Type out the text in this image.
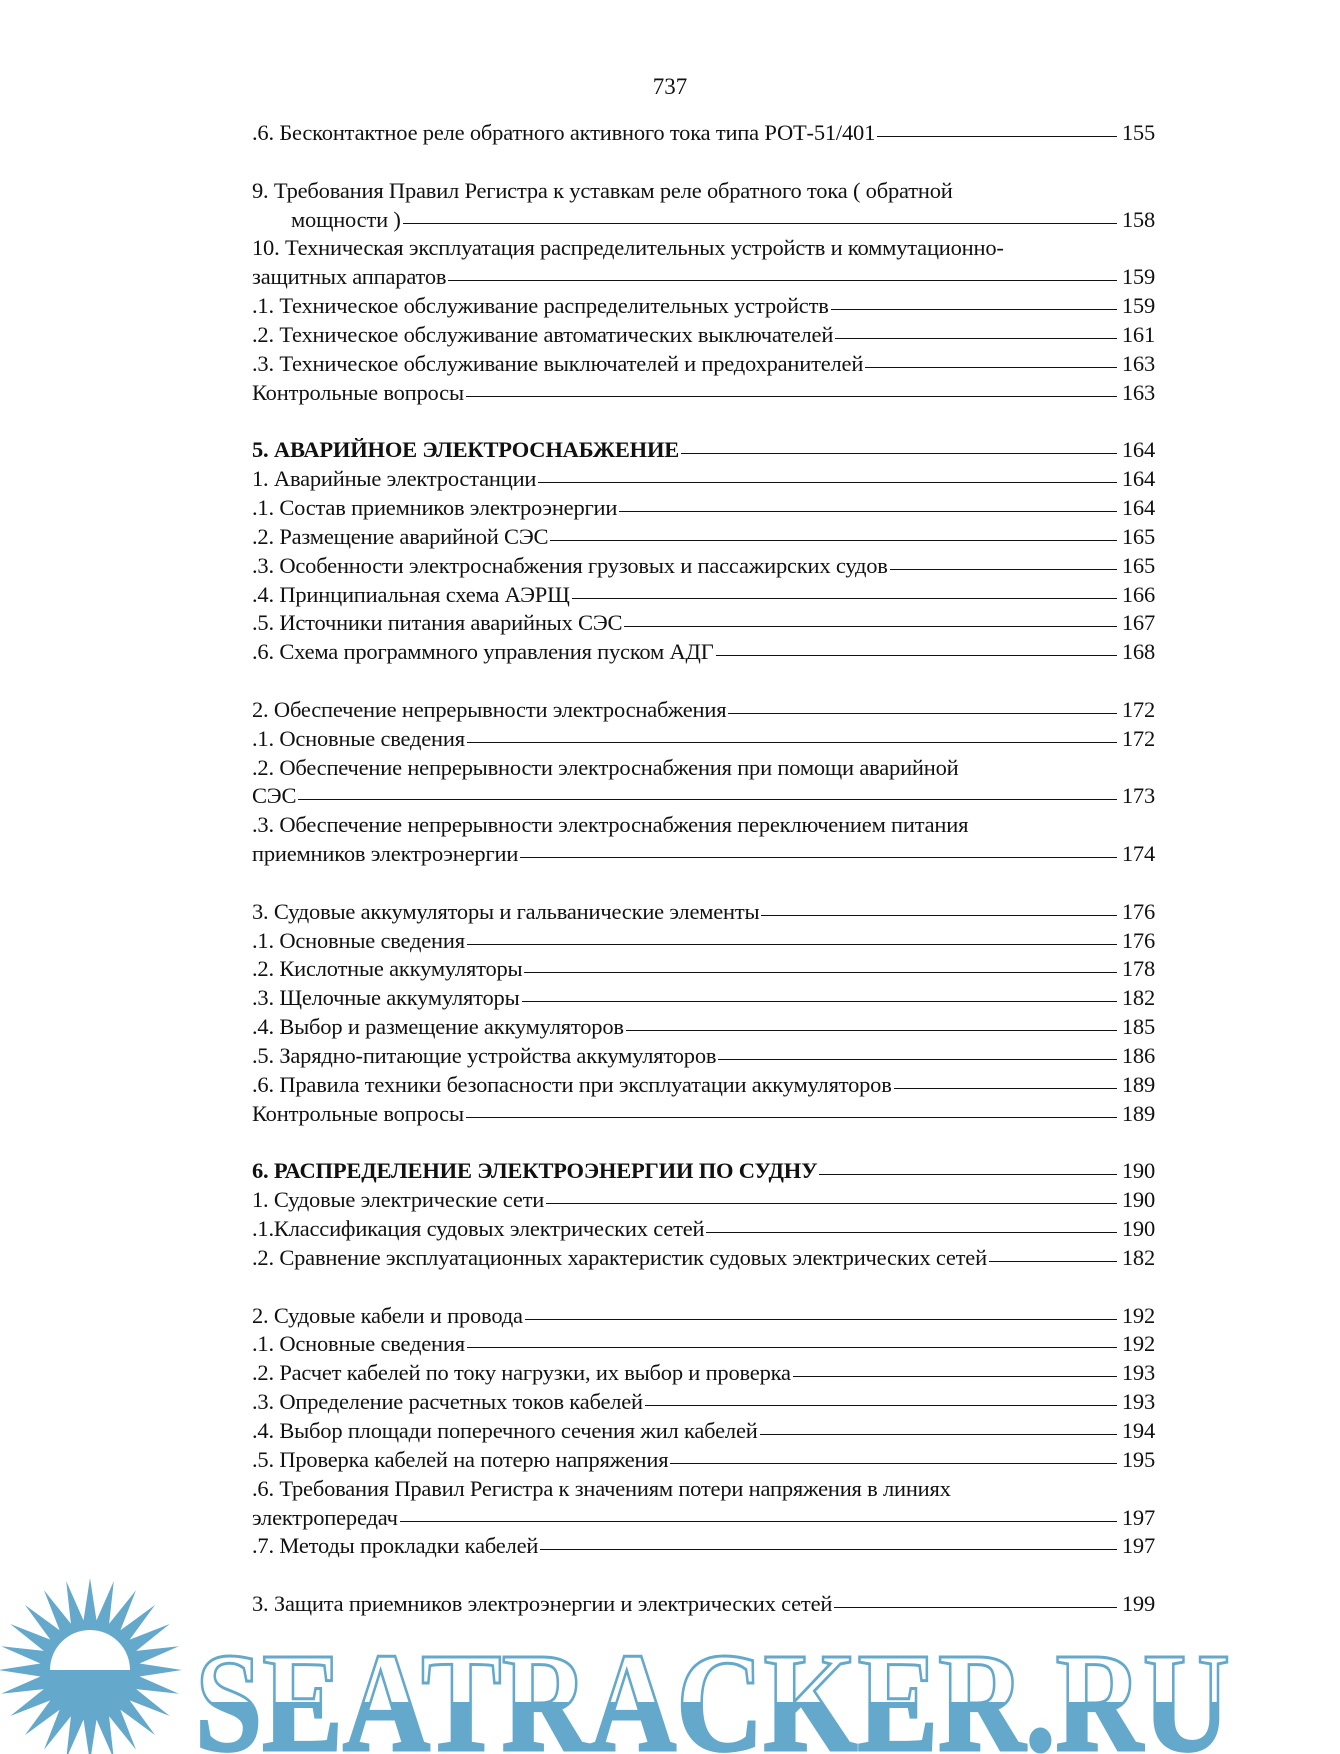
737
.6. Бесконтактное реле обратного активного тока типа РОТ-51/401	155
9. Требования Правил Регистра к уставкам реле обратного тока ( обратной
мощности )	158
10. Техническая эксплуатация распределительных устройств и коммутационно-
защитных аппаратов	159
.1. Техническое обслуживание распределительных устройств	159
.2. Техническое обслуживание автоматических выключателей	161
.3. Техническое обслуживание выключателей и предохранителей	163
Контрольные вопросы	163
5. АВАРИЙНОЕ ЭЛЕКТРОСНАБЖЕНИЕ	164
1. Аварийные электростанции	164
.1. Состав приемников электроэнергии	164
.2. Размещение аварийной СЭС	165
.3. Особенности электроснабжения грузовых и пассажирских судов	165
.4. Принципиальная схема АЭРЩ	166
.5. Источники питания аварийных СЭС	167
.6. Схема программного управления пуском АДГ	168
2. Обеспечение непрерывности электроснабжения	172
.1. Основные сведения	172
.2. Обеспечение непрерывности электроснабжения при помощи аварийной
СЭС	173
.3. Обеспечение непрерывности электроснабжения переключением питания
приемников электроэнергии	174
3. Судовые аккумуляторы и гальванические элементы	176
.1. Основные сведения	176
.2. Кислотные аккумуляторы	178
.3. Щелочные аккумуляторы	182
.4. Выбор и размещение аккумуляторов	185
.5. Зарядно-питающие устройства аккумуляторов	186
.6. Правила техники безопасности при эксплуатации аккумуляторов	189
Контрольные вопросы	189
6. РАСПРЕДЕЛЕНИЕ ЭЛЕКТРОЭНЕРГИИ ПО СУДНУ	190
1. Судовые электрические сети	190
.1.Классификация судовых электрических сетей	190
.2. Сравнение эксплуатационных характеристик судовых электрических сетей	182
2. Судовые кабели и провода	192
.1. Основные сведения	192
.2. Расчет кабелей по току нагрузки, их выбор и проверка	193
.3. Определение расчетных токов кабелей	193
.4. Выбор площади поперечного сечения жил кабелей	194
.5. Проверка кабелей на потерю напряжения	195
.6. Требования Правил Регистра к значениям потери напряжения в линиях
электропередач	197
.7. Методы прокладки кабелей	197
3. Защита приемников электроэнергии и электрических сетей	199
SEATRACKER.RU
